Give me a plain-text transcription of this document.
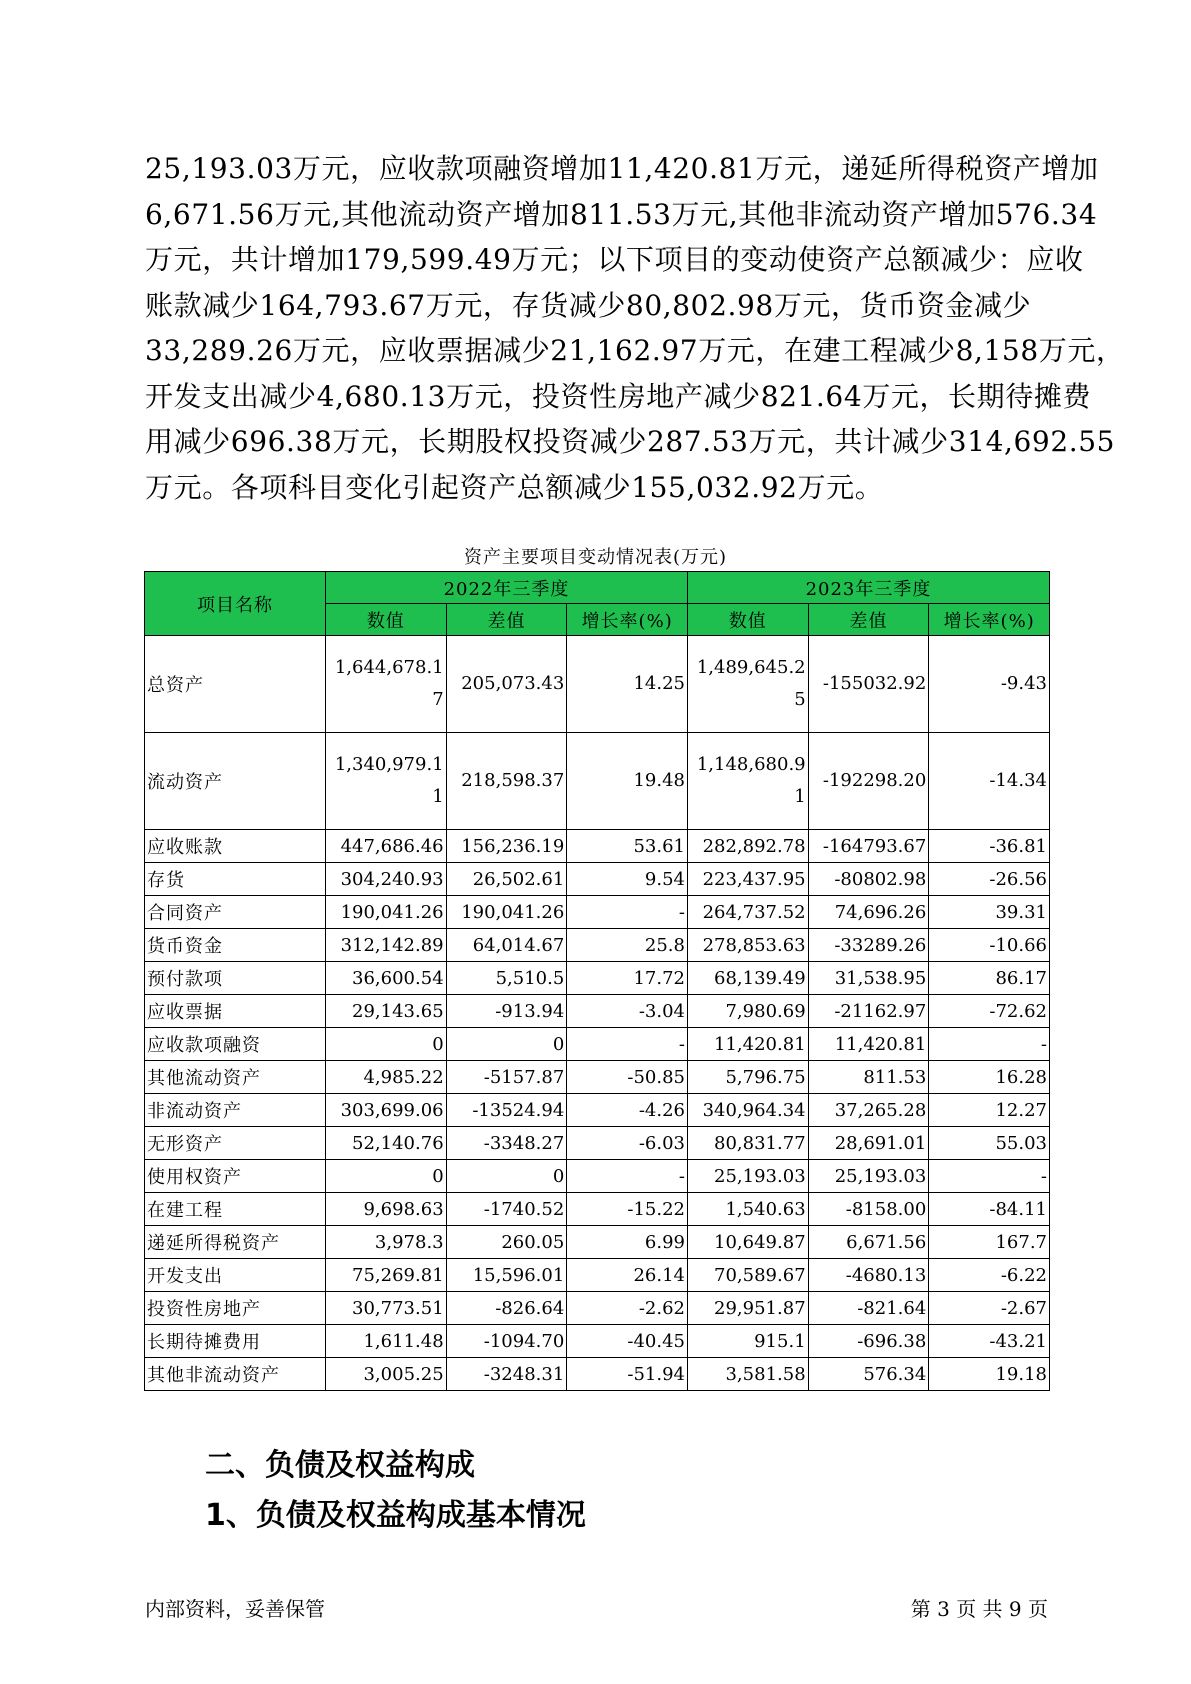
25,193.03万元，应收款项融资增加11,420.81万元，递延所得税资产增加
6,671.56万元,其他流动资产增加811.53万元,其他非流动资产增加576.34
万元，共计增加179,599.49万元；以下项目的变动使资产总额减少：应收
账款减少164,793.67万元，存货减少80,802.98万元，货币资金减少
33,289.26万元，应收票据减少21,162.97万元，在建工程减少8,158万元，
开发支出减少4,680.13万元，投资性房地产减少821.64万元，长期待摊费
用减少696.38万元，长期股权投资减少287.53万元，共计减少314,692.55
万元。各项科目变化引起资产总额减少155,032.92万元。
资产主要项目变动情况表(万元)
项目名称	2022年三季度			2023年三季度		
	数值	差值	增长率(%)	数值	差值	增长率(%)
总资产	1,644,678.17	205,073.43	14.25	1,489,645.25	-155032.92	-9.43

流动资产	1,340,979.11	218,598.37	19.48	1,148,680.91	-192298.20	-14.34

应收账款	447,686.46	156,236.19	53.61	282,892.78	-164793.67	-36.81
存货	304,240.93	26,502.61	9.54	223,437.95	-80802.98	-26.56
合同资产	190,041.26	190,041.26	-	264,737.52	74,696.26	39.31
货币资金	312,142.89	64,014.67	25.8	278,853.63	-33289.26	-10.66
预付款项	36,600.54	5,510.5	17.72	68,139.49	31,538.95	86.17
应收票据	29,143.65	-913.94	-3.04	7,980.69	-21162.97	-72.62
应收款项融资	0	0	-	11,420.81	11,420.81	-
其他流动资产	4,985.22	-5157.87	-50.85	5,796.75	811.53	16.28
非流动资产	303,699.06	-13524.94	-4.26	340,964.34	37,265.28	12.27
无形资产	52,140.76	-3348.27	-6.03	80,831.77	28,691.01	55.03
使用权资产	0	0	-	25,193.03	25,193.03	-
在建工程	9,698.63	-1740.52	-15.22	1,540.63	-8158.00	-84.11
递延所得税资产	3,978.3	260.05	6.99	10,649.87	6,671.56	167.7
开发支出	75,269.81	15,596.01	26.14	70,589.67	-4680.13	-6.22
投资性房地产	30,773.51	-826.64	-2.62	29,951.87	-821.64	-2.67
长期待摊费用	1,611.48	-1094.70	-40.45	915.1	-696.38	-43.21
其他非流动资产	3,005.25	-3248.31	-51.94	3,581.58	576.34	19.18
二、负债及权益构成
1、负债及权益构成基本情况
内部资料，妥善保管	第 3 页 共 9 页
